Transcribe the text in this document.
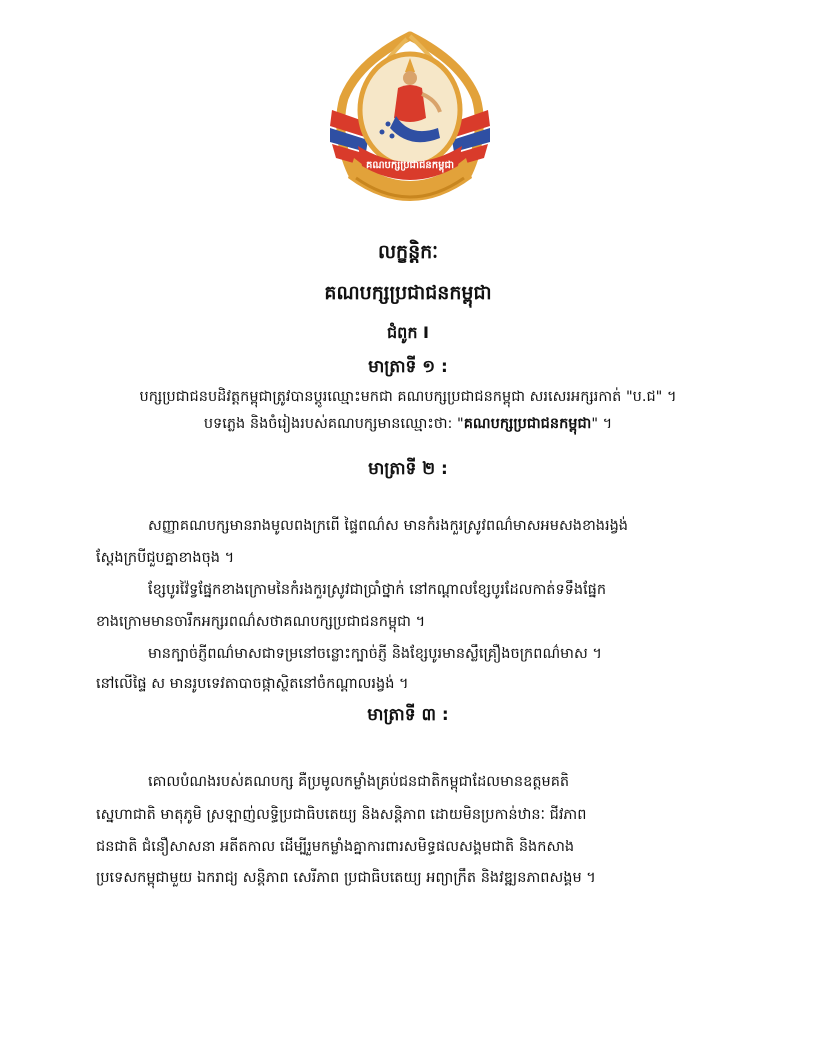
គណបក្សប្រជាជនកម្ពុជា
លក្ខន្តិកៈ
គណបក្សប្រជាជនកម្ពុជា
ជំពូក I
មាត្រាទី ១ :
បក្សប្រជាជនបដិវត្តកម្ពុជាត្រូវបានប្តូរឈ្មោះមកជា គណបក្សប្រជាជនកម្ពុជា សរសេរអក្សរកាត់ "ប.ជ" ។
បទភ្លេង និងចំរៀងរបស់គណបក្សមានឈ្មោះថា: "គណបក្សប្រជាជនកម្ពុជា" ។
មាត្រាទី ២ :
សញ្ញាគណបក្សមានរាងមូលពងក្រពើ ផ្ទៃពណ៌ស មានកំរងកួរស្រូវពណ៌មាសអមសងខាងរង្វង់
ស្ដែងក្របីជួបគ្នាខាងចុង ។
ខ្សែបូរវ៉ៃទ្វផ្នែកខាងក្រោមនៃកំរងកួរស្រូវជាប្រាំថ្នាក់ នៅកណ្តាលខ្សែបូរដែលកាត់ទទឹងផ្នែក
ខាងក្រោមមានចារឹកអក្សរពណ៌សថាគណបក្សប្រជាជនកម្ពុជា ។
មានក្បាច់ភ្ញីពណ៌មាសជាទម្រនៅចន្លោះក្បាច់ភ្ញី និងខ្សែបូរមានស្លឹគ្រឿងចក្រពណ៌មាស ។
នៅលើផ្ទៃ ស មានរូបទេវតាបាចផ្កាស្ថិតនៅចំកណ្តាលរង្វង់ ។
មាត្រាទី ៣ :
គោលបំណងរបស់គណបក្ស គឺប្រមូលកម្លាំងគ្រប់ជនជាតិកម្ពុជាដែលមានឧត្តមគតិ
ស្នេហាជាតិ មាតុភូមិ ស្រឡាញ់លទ្ធិប្រជាធិបតេយ្យ និងសន្តិភាព ដោយមិនប្រកាន់ឋានៈ ជីវភាព
ជនជាតិ ជំនឿសាសនា អតីតកាល ដើម្បីរួមកម្លាំងគ្នាការពារសមិទ្ធផលសង្គមជាតិ និងកសាង
ប្រទេសកម្ពុជាមួយ ឯករាជ្យ សន្តិភាព សេរីភាព ប្រជាធិបតេយ្យ អព្យាក្រឹត និងវឌ្ឍនភាពសង្គម ។
